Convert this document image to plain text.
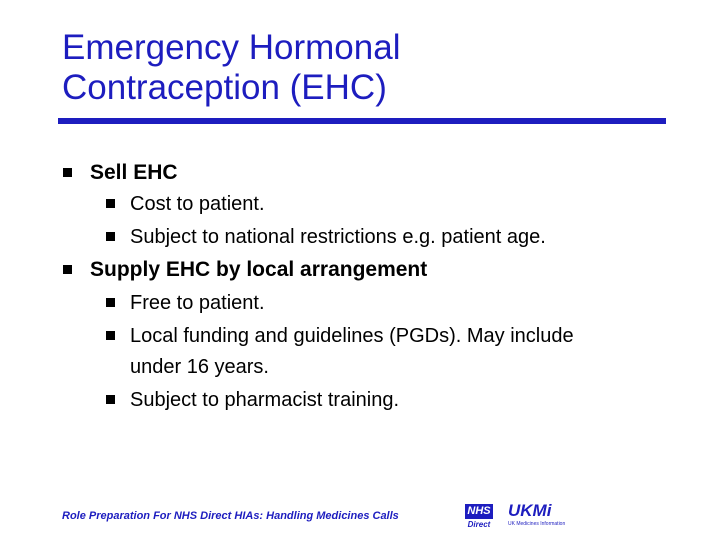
Emergency Hormonal
Contraception (EHC)
Sell EHC
Cost to patient.
Subject to national restrictions e.g. patient age.
Supply EHC by local arrangement
Free to patient.
Local funding and guidelines (PGDs). May include
under 16 years.
Subject to pharmacist training.
Role Preparation For NHS Direct HIAs: Handling Medicines Calls	NHS
Direct
UKMi
UK Medicines Information
